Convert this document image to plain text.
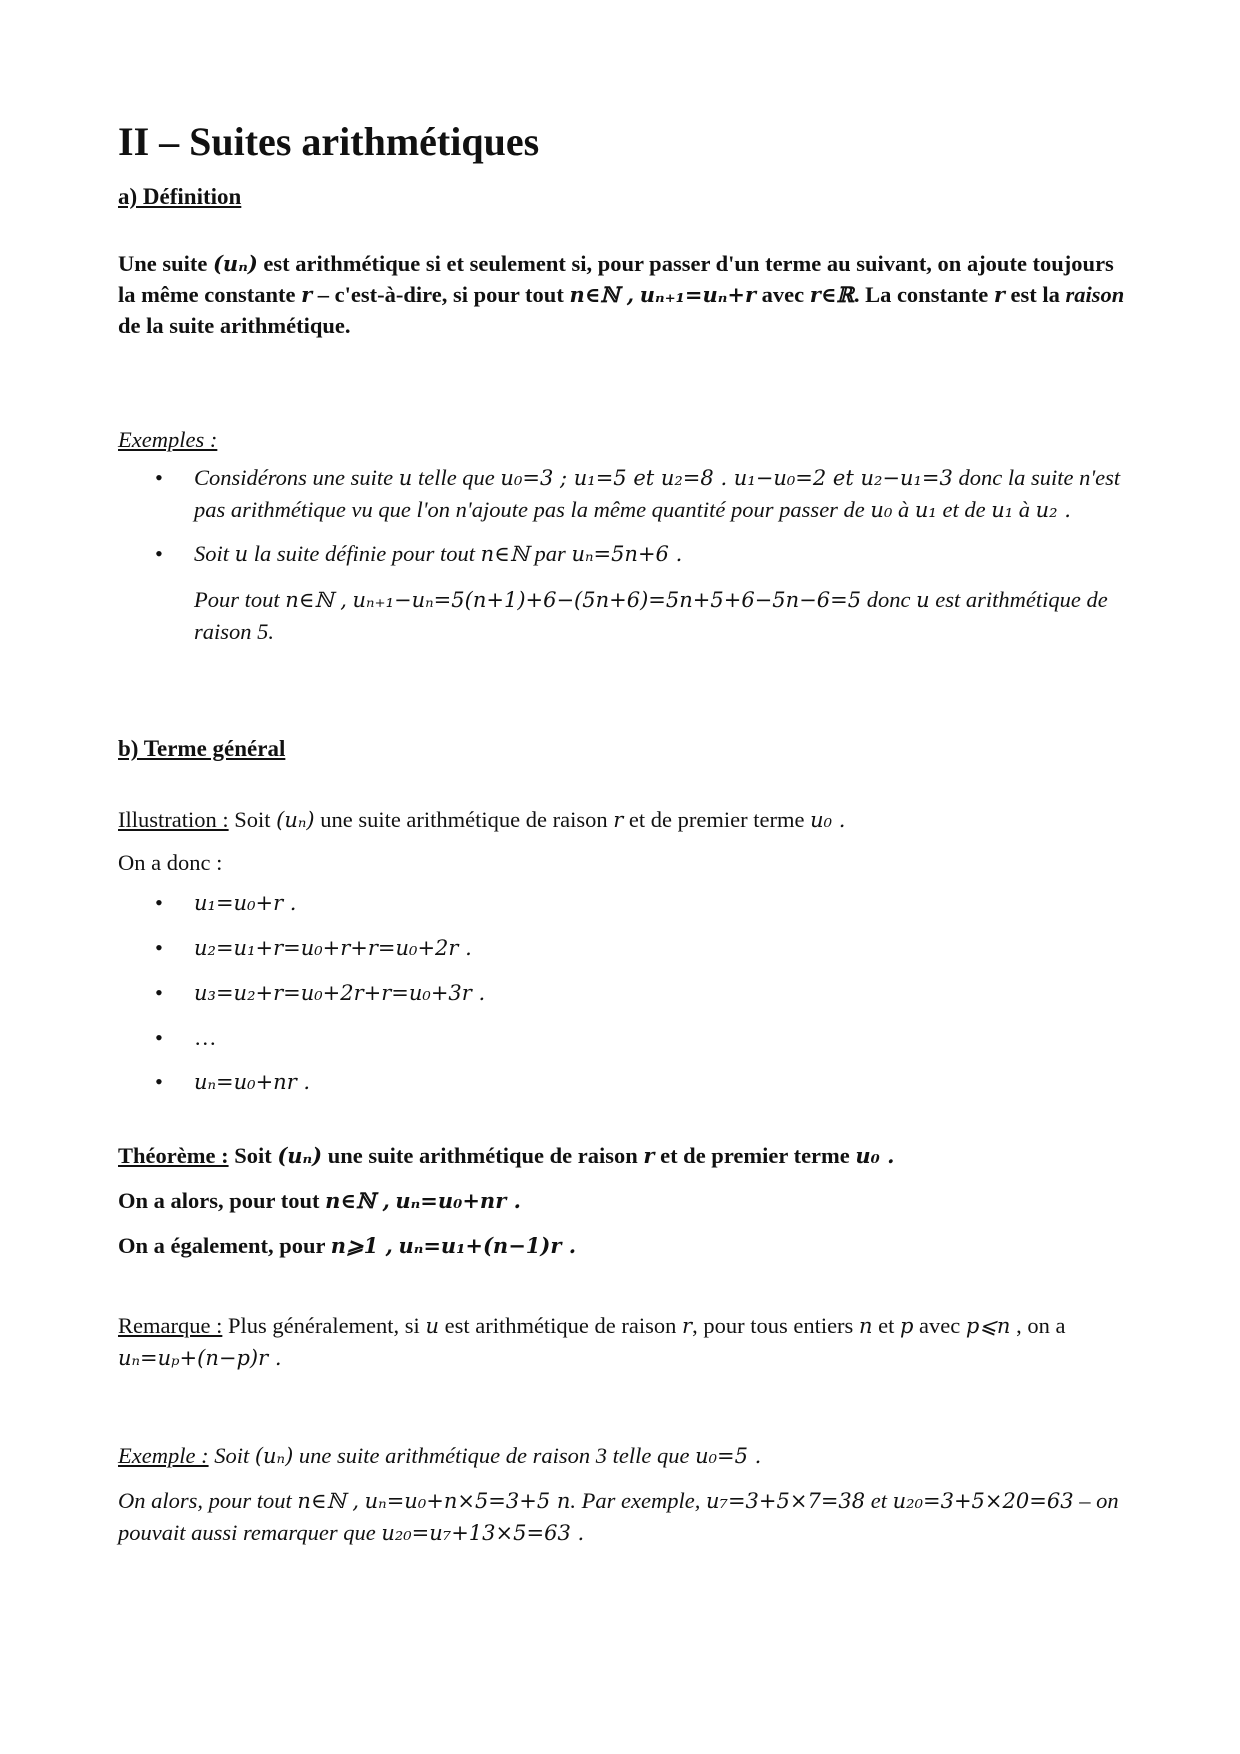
II – Suites arithmétiques
a) Définition

Une suite (uₙ) est arithmétique si et seulement si, pour passer d'un terme au suivant, on ajoute toujours la même constante r – c'est-à-dire, si pour tout n∈ℕ , uₙ₊₁=uₙ+r avec r∈ℝ. La constante r est la raison de la suite arithmétique.

Exemples :

• Considérons une suite u telle que u₀=3 ; u₁=5 et u₂=8 . u₁−u₀=2 et u₂−u₁=3 donc la suite n'est pas arithmétique vu que l'on n'ajoute pas la même quantité pour passer de u₀ à u₁ et de u₁ à u₂ .
• Soit u la suite définie pour tout n∈ℕ par uₙ=5n+6 .
Pour tout n∈ℕ , uₙ₊₁−uₙ=5(n+1)+6−(5n+6)=5n+5+6−5n−6=5 donc u est arithmétique de raison 5.
b) Terme général

Illustration : Soit (uₙ) une suite arithmétique de raison r et de premier terme u₀ .

On a donc :

• u₁=u₀+r .
• u₂=u₁+r=u₀+r+r=u₀+2r .
• u₃=u₂+r=u₀+2r+r=u₀+3r .
• …
• uₙ=u₀+nr .

Théorème : Soit (uₙ) une suite arithmétique de raison r et de premier terme u₀ .

On a alors, pour tout n∈ℕ , uₙ=u₀+nr .

On a également, pour n⩾1 , uₙ=u₁+(n−1)r .

Remarque : Plus généralement, si u est arithmétique de raison r, pour tous entiers n et p avec p⩽n , on a uₙ=uₚ+(n−p)r .

Exemple : Soit (uₙ) une suite arithmétique de raison 3 telle que u₀=5 .

On alors, pour tout n∈ℕ , uₙ=u₀+n×5=3+5 n. Par exemple, u₇=3+5×7=38 et u₂₀=3+5×20=63 – on pouvait aussi remarquer que u₂₀=u₇+13×5=63 .
